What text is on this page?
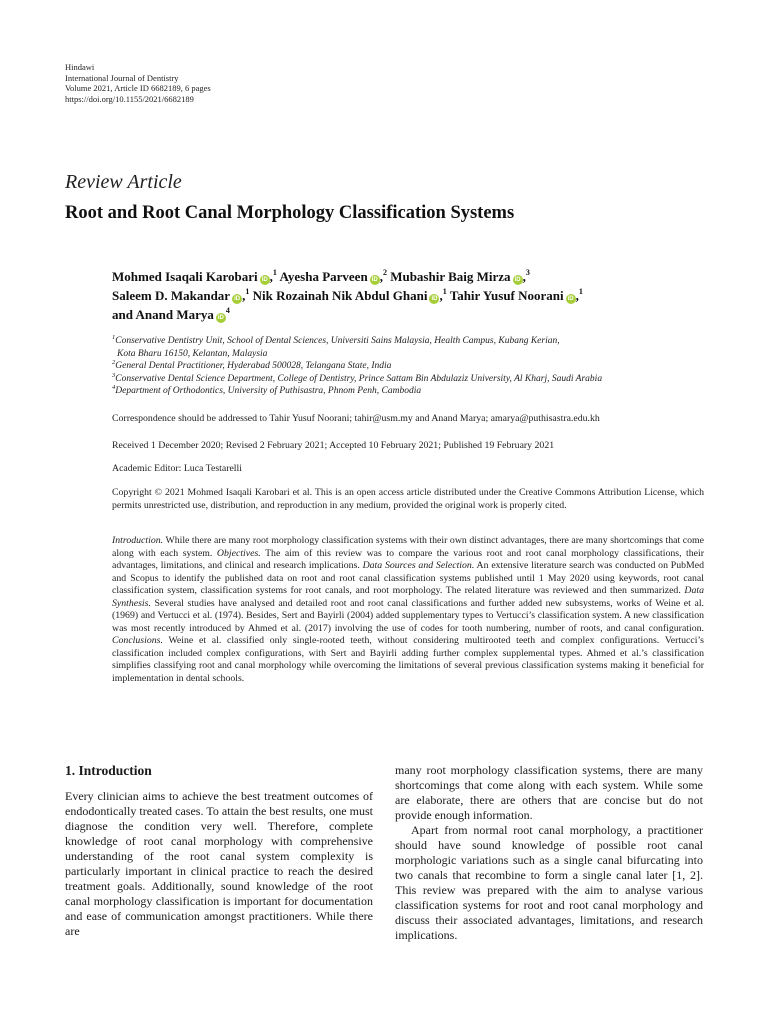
Hindawi
International Journal of Dentistry
Volume 2021, Article ID 6682189, 6 pages
https://doi.org/10.1155/2021/6682189
Review Article
Root and Root Canal Morphology Classification Systems
Mohmed Isaqali Karobari iD ,$^1$ Ayesha Parveen iD ,$^2$ Mubashir Baig Mirza iD ,$^3$
Saleem D. Makandar iD ,$^1$ Nik Rozainah Nik Abdul Ghani iD ,$^1$ Tahir Yusuf Noorani iD ,$^1$
and Anand Marya $iD^4$
$^1$Conservative Dentistry Unit, School of Dental Sciences, Universiti Sains Malaysia, Health Campus, Kubang Kerian,
Kota Bharu 16150, Kelantan, Malaysia
$^2$General Dental Practitioner, Hyderabad 500028, Telangana State, India
$^3$Conservative Dental Science Department, College of Dentistry, Prince Sattam Bin Abdulaziz University, Al Kharj, Saudi Arabia
$^4$Department of Orthodontics, University of Puthisastra, Phnom Penh, Cambodia

Correspondence should be addressed to Tahir Yusuf Noorani; tahir@usm.my and Anand Marya; amarya@puthisastra.edu.kh

Received 1 December 2020; Revised 2 February 2021; Accepted 10 February 2021; Published 19 February 2021

Academic Editor: Luca Testarelli

Copyright © 2021 Mohmed Isaqali Karobari et al. This is an open access article distributed under the Creative Commons Attribution License, which permits unrestricted use, distribution, and reproduction in any medium, provided the original work is properly cited.

Introduction. While there are many root morphology classification systems with their own distinct advantages, there are many shortcomings that come along with each system. Objectives. The aim of this review was to compare the various root and root canal morphology classifications, their advantages, limitations, and clinical and research implications. Data Sources and Selection. An extensive literature search was conducted on PubMed and Scopus to identify the published data on root and root canal classification systems published until 1 May 2020 using keywords, root canal classification system, classification systems for root canals, and root morphology. The related literature was reviewed and then summarized. Data Synthesis. Several studies have analysed and detailed root and root canal classifications and further added new subsystems, works of Weine et al. (1969) and Vertucci et al. (1974). Besides, Sert and Bayirli (2004) added supplementary types to Vertucci’s classification system. A new classification was most recently introduced by Ahmed et al. (2017) involving the use of codes for tooth numbering, number of roots, and canal configuration. Conclusions. Weine et al. classified only single-rooted teeth, without considering multirooted teeth and complex configurations. Vertucci’s classification included complex configurations, with Sert and Bayirli adding further complex supplemental types. Ahmed et al.’s classification simplifies classifying root and canal morphology while overcoming the limitations of several previous classification systems making it beneficial for implementation in dental schools.
1. Introduction

Every clinician aims to achieve the best treatment outcomes of endodontically treated cases. To attain the best results, one must diagnose the condition very well. Therefore, complete knowledge of root canal morphology with comprehensive understanding of the root canal system complexity is particularly important in clinical practice to reach the desired treatment goals. Additionally, sound knowledge of the root canal morphology classification is important for documentation and ease of communication amongst practitioners. While there are

many root morphology classification systems, there are many shortcomings that come along with each system. While some are elaborate, there are others that are concise but do not provide enough information.

Apart from normal root canal morphology, a practitioner should have sound knowledge of possible root canal morphologic variations such as a single canal bifurcating into two canals that recombine to form a single canal later [1, 2]. This review was prepared with the aim to analyse various classification systems for root and root canal morphology and discuss their associated advantages, limitations, and research implications.
